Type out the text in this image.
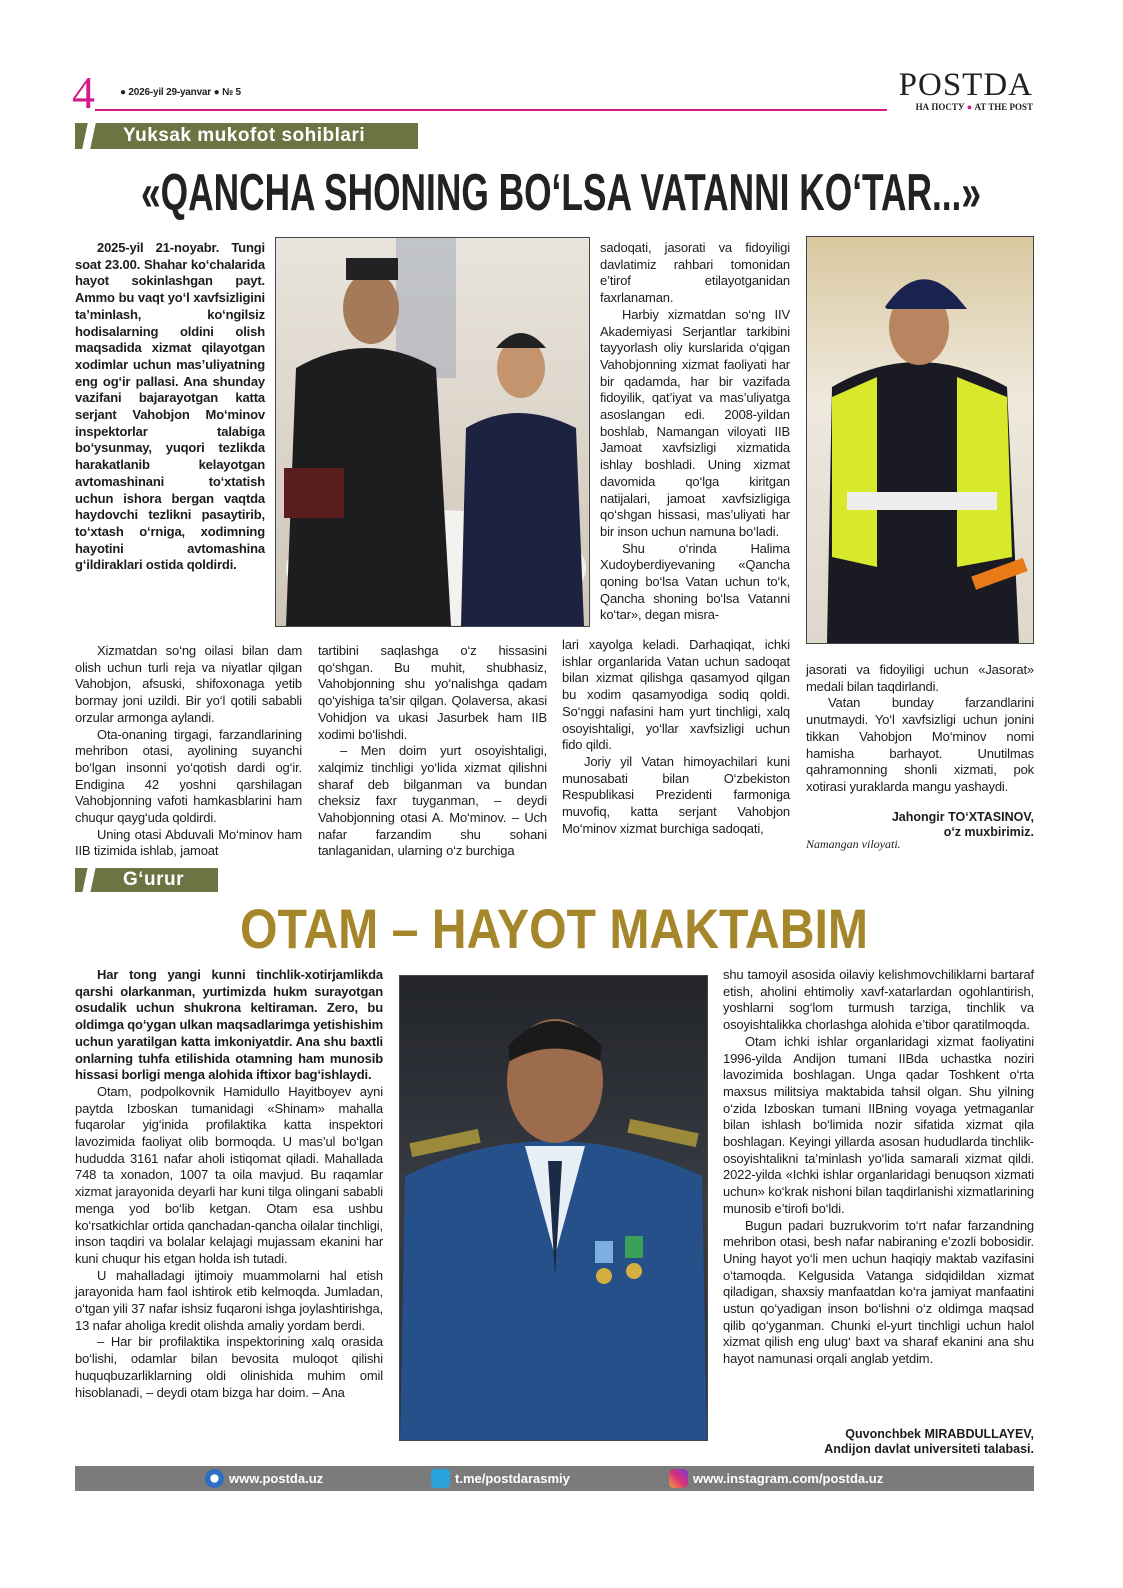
4	● 2026-yil 29-yanvar ● № 5	POSTDA
НА ПОСТУ ● AT THE POST
Yuksak mukofot sohiblari
«QANCHA SHONING BO‘LSA VATANNI KO‘TAR...»

2025-yil 21-noyabr. Tungi soat 23.00. Shahar ko‘chalarida hayot sokinlashgan payt. Ammo bu vaqt yo‘l xavfsizligini ta’minlash, ko‘ngilsiz hodisalarning oldini olish maqsadida xizmat qilayotgan xodimlar uchun mas’uliyatning eng og‘ir pallasi. Ana shunday vazifani bajarayotgan katta serjant Vahobjon Mo‘minov inspektorlar talabiga bo‘ysunmay, yuqori tezlikda harakatlanib kelayotgan avtomashinani to‘xtatish uchun ishora bergan vaqtda haydovchi tezlikni pasaytirib, to‘xtash o‘rniga, xodimning hayotini avtomashina g‘ildiraklari ostida qoldirdi.

sadoqati, jasorati va fidoyiligi davlatimiz rahbari tomonidan e’tirof etilayotganidan faxrlanaman.

Harbiy xizmatdan so‘ng IIV Akademiyasi Serjantlar tarkibini tayyorlash oliy kurslarida o‘qigan Vahobjonning xizmat faoliyati har bir qadamda, har bir vazifada fidoyilik, qat’iyat va mas’uliyatga asoslangan edi. 2008-yildan boshlab, Namangan viloyati IIB Jamoat xavfsizligi xizmatida ishlay boshladi. Uning xizmat davomida qo‘lga kiritgan natijalari, jamoat xavfsizligiga qo‘shgan hissasi, mas’uliyati har bir inson uchun namuna bo‘ladi.

Shu o‘rinda Halima Xudoyberdiyevaning «Qancha qoning bo‘lsa Vatan uchun to‘k, Qancha shoning bo‘lsa Vatanni ko‘tar», degan misra-

Xizmatdan so‘ng oilasi bilan dam olish uchun turli reja va niyatlar qilgan Vahobjon, afsuski, shifoxonaga yetib bormay joni uzildi. Bir yo‘l qotili sababli orzular armonga aylandi.

Ota-onaning tirgagi, farzandlarining mehribon otasi, ayolining suyanchi bo‘lgan insonni yo‘qotish dardi og‘ir. Endigina 42 yoshni qarshilagan Vahobjonning vafoti hamkasblarini ham chuqur qayg‘uda qoldirdi.

Uning otasi Abduvali Mo‘minov ham IIB tizimida ishlab, jamoat

tartibini saqlashga o‘z hissasini qo‘shgan. Bu muhit, shubhasiz, Vahobjonning shu yo‘nalishga qadam qo‘yishiga ta’sir qilgan. Qolaversa, akasi Vohidjon va ukasi Jasurbek ham IIB xodimi bo‘lishdi.

– Men doim yurt osoyishtaligi, xalqimiz tinchligi yo‘lida xizmat qilishni sharaf deb bilganman va bundan cheksiz faxr tuyganman, – deydi Vahobjonning otasi A. Mo‘minov. – Uch nafar farzandim shu sohani tanlaganidan, ularning o‘z burchiga

lari xayolga keladi. Darhaqiqat, ichki ishlar organlarida Vatan uchun sadoqat bilan xizmat qilishga qasamyod qilgan bu xodim qasamyodiga sodiq qoldi. So‘nggi nafasini ham yurt tinchligi, xalq osoyishtaligi, yo‘llar xavfsizligi uchun fido qildi.

Joriy yil Vatan himoyachilari kuni munosabati bilan O‘zbekiston Respublikasi Prezidenti farmoniga muvofiq, katta serjant Vahobjon Mo‘minov xizmat burchiga sadoqati,

jasorati va fidoyiligi uchun «Jasorat» medali bilan taqdirlandi.

Vatan bunday farzandlarini unutmaydi. Yo‘l xavfsizligi uchun jonini tikkan Vahobjon Mo‘minov nomi hamisha barhayot. Unutilmas qahramonning shonli xizmati, pok xotirasi yuraklarda mangu yashaydi.

Jahongir TO‘XTASINOV,
o‘z muxbirimiz.
Namangan viloyati.
G‘urur
OTAM – HAYOT MAKTABIM

Har tong yangi kunni tinchlik-xotirjamlikda qarshi olarkanman, yurtimizda hukm surayotgan osudalik uchun shukrona keltiraman. Zero, bu oldimga qo‘ygan ulkan maqsadlarimga yetishishim uchun yaratilgan katta imkoniyatdir. Ana shu baxtli onlarning tuhfa etilishida otamning ham munosib hissasi borligi menga alohida iftixor bag‘ishlaydi.

Otam, podpolkovnik Hamidullo Hayitboyev ayni paytda Izboskan tumanidagi «Shinam» mahalla fuqarolar yig‘inida profilaktika katta inspektori lavozimida faoliyat olib bormoqda. U mas’ul bo‘lgan hududda 3161 nafar aholi istiqomat qiladi. Mahallada 748 ta xonadon, 1007 ta oila mavjud. Bu raqamlar xizmat jarayonida deyarli har kuni tilga olingani sababli menga yod bo‘lib ketgan. Otam esa ushbu ko‘rsatkichlar ortida qanchadan-qancha oilalar tinchligi, inson taqdiri va bolalar kelajagi mujassam ekanini har kuni chuqur his etgan holda ish tutadi.

U mahalladagi ijtimoiy muammolarni hal etish jarayonida ham faol ishtirok etib kelmoqda. Jumladan, o‘tgan yili 37 nafar ishsiz fuqaroni ishga joylashtirishga, 13 nafar aholiga kredit olishda amaliy yordam berdi.

– Har bir profilaktika inspektorining xalq orasida bo‘lishi, odamlar bilan bevosita muloqot qilishi huquqbuzarliklarning oldi olinishida muhim omil hisoblanadi, – deydi otam bizga har doim. – Ana

shu tamoyil asosida oilaviy kelishmovchiliklarni bartaraf etish, aholini ehtimoliy xavf-xatarlardan ogohlantirish, yoshlarni sog‘lom turmush tarziga, tinchlik va osoyishtalikka chorlashga alohida e’tibor qaratilmoqda.

Otam ichki ishlar organlaridagi xizmat faoliyatini 1996-yilda Andijon tumani IIBda uchastka noziri lavozimida boshlagan. Unga qadar Toshkent o‘rta maxsus militsiya maktabida tahsil olgan. Shu yilning o‘zida Izboskan tumani IIBning voyaga yetmaganlar bilan ishlash bo‘limida nozir sifatida xizmat qila boshlagan. Keyingi yillarda asosan hududlarda tinchlik-osoyishtalikni ta’minlash yo‘lida samarali xizmat qildi. 2022-yilda «Ichki ishlar organlaridagi benuqson xizmati uchun» ko‘krak nishoni bilan taqdirlanishi xizmatlarining munosib e’tirofi bo‘ldi.

Bugun padari buzrukvorim to‘rt nafar farzandning mehribon otasi, besh nafar nabiraning e’zozli bobosidir. Uning hayot yo‘li men uchun haqiqiy maktab vazifasini o‘tamoqda. Kelgusida Vatanga sidqidildan xizmat qiladigan, shaxsiy manfaatdan ko‘ra jamiyat manfaatini ustun qo‘yadigan inson bo‘lishni o‘z oldimga maqsad qilib qo‘yganman. Chunki el-yurt tinchligi uchun halol xizmat qilish eng ulug‘ baxt va sharaf ekanini ana shu hayot namunasi orqali anglab yetdim.

Quvonchbek MIRABDULLAYEV,
Andijon davlat universiteti talabasi.
www.postda.uz	t.me/postdarasmiy	www.instagram.com/postda.uz
